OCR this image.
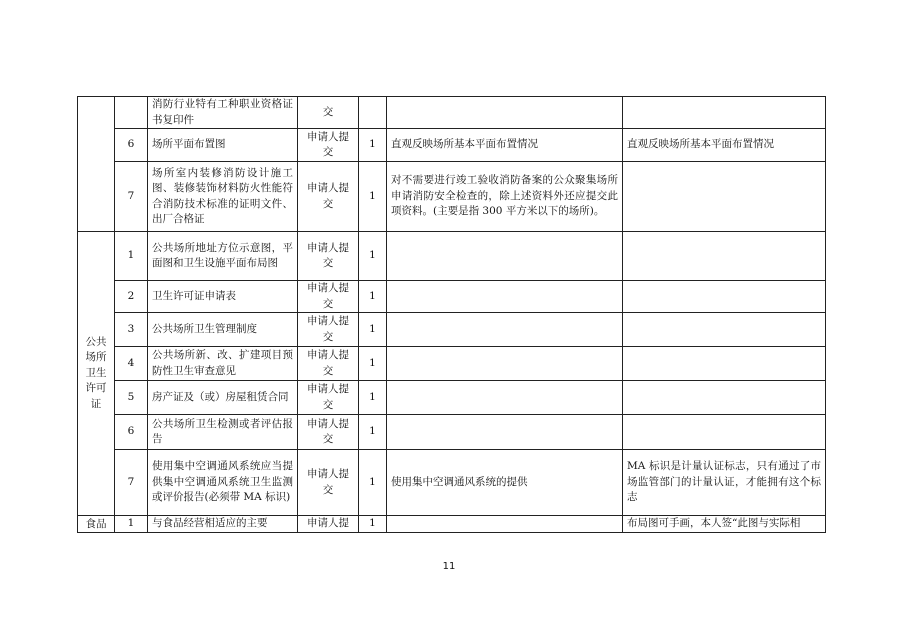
		消防行业特有工种职业资格证书复印件	交			
	6	场所平面布置图	申请人提交	1	直观反映场所基本平面布置情况	直观反映场所基本平面布置情况
	7	场所室内装修消防设计施工图、装修装饰材料防火性能符合消防技术标准的证明文件、出厂合格证	申请人提交	1	对不需要进行竣工验收消防备案的公众聚集场所申请消防安全检查的，除上述资料外还应提交此项资料。(主要是指 300 平方米以下的场所)。	
公共场所卫生许可证	1	公共场所地址方位示意图，平面图和卫生设施平面布局图	申请人提交	1		
	2	卫生许可证申请表	申请人提交	1		
	3	公共场所卫生管理制度	申请人提交	1		
	4	公共场所新、改、扩建项目预防性卫生审查意见	申请人提交	1		
	5	房产证及（或）房屋租赁合同	申请人提交	1		
	6	公共场所卫生检测或者评估报告	申请人提交	1		
	7	使用集中空调通风系统应当提供集中空调通风系统卫生监测或评价报告(必须带 MA 标识)	申请人提交	1	使用集中空调通风系统的提供	MA 标识是计量认证标志，只有通过了市场监管部门的计量认证，才能拥有这个标志
食品	1	与食品经营相适应的主要	申请人提	1		布局图可手画，本人签“此图与实际相
11
